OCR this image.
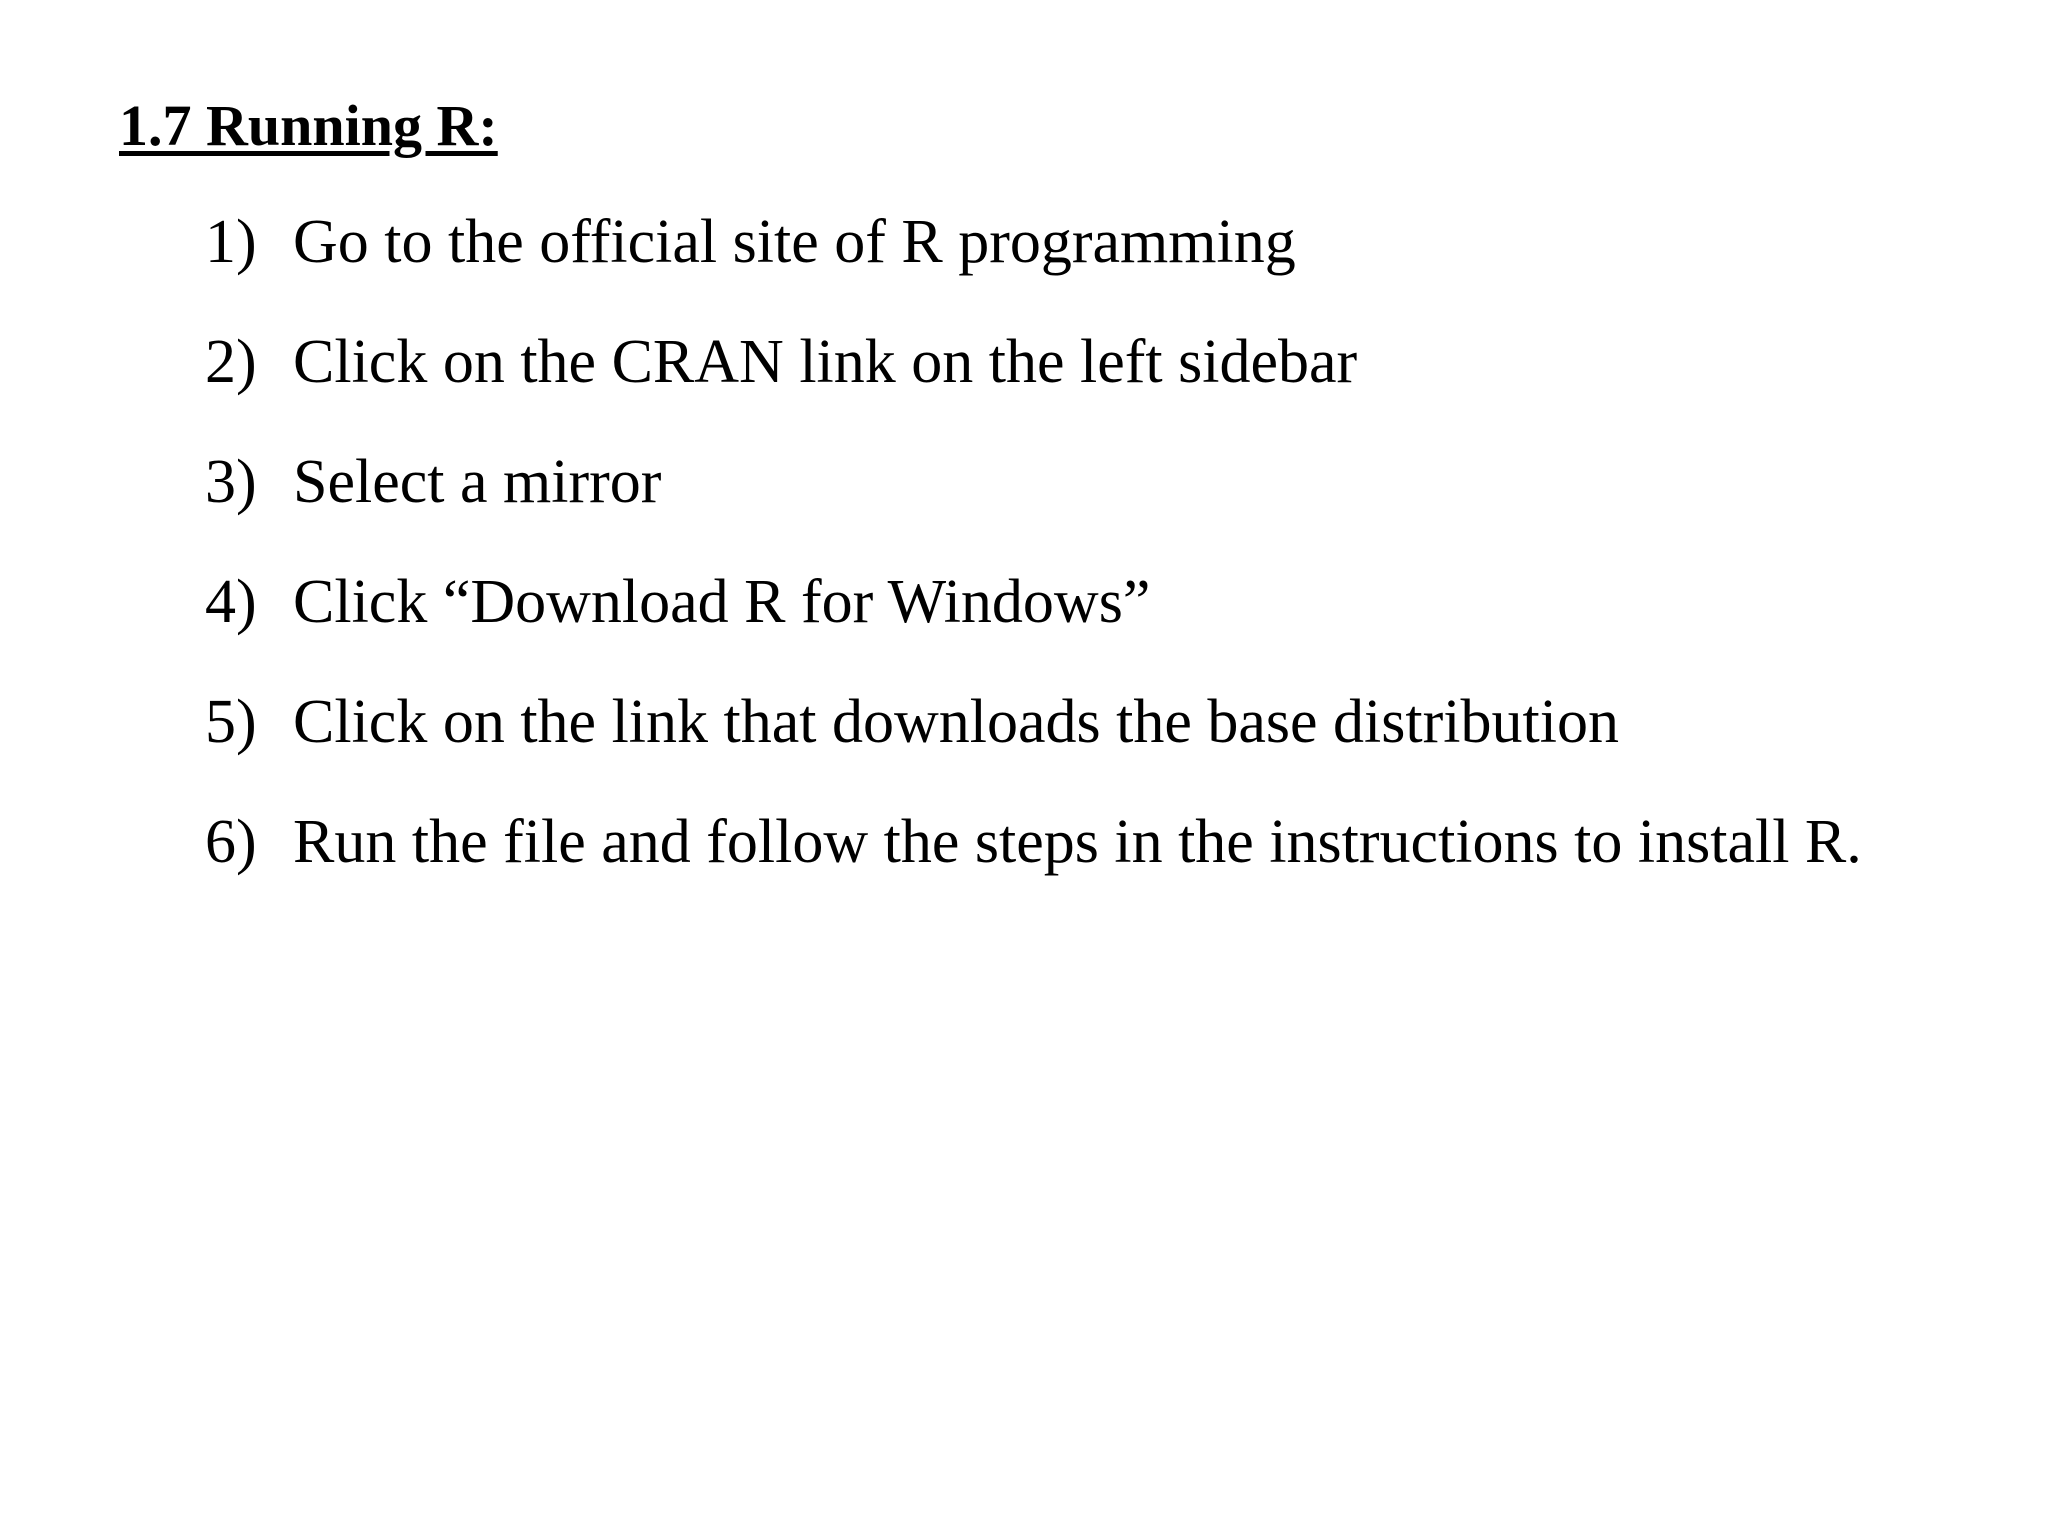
1.7 Running R:
1) Go to the official site of R programming
2) Click on the CRAN link on the left sidebar
3) Select a mirror
4) Click “Download R for Windows”
5) Click on the link that downloads the base distribution
6) Run the file and follow the steps in the instructions to install R.
